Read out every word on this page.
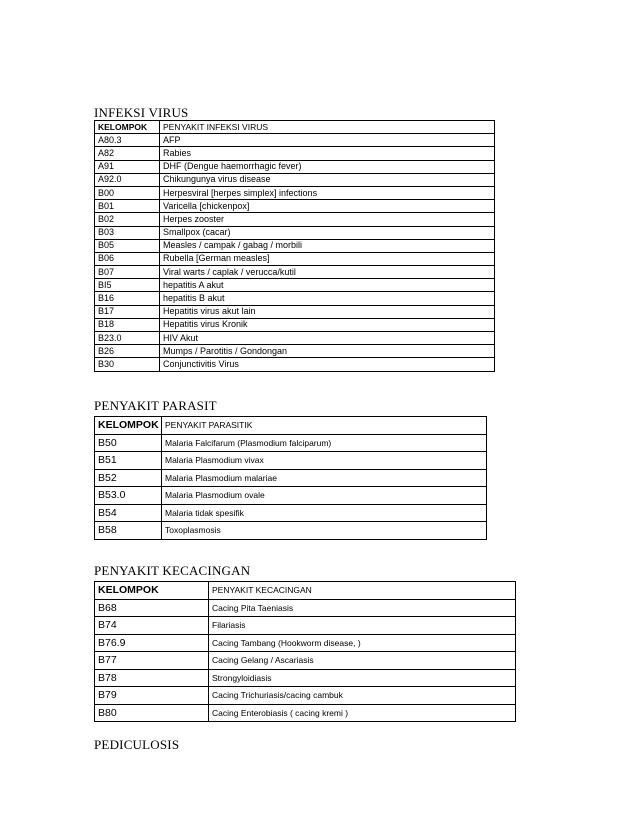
INFEKSI VIRUS
KELOMPOK	PENYAKIT INFEKSI VIRUS
A80.3	AFP
A82	Rabies
A91	DHF (Dengue haemorrhagic fever)
A92.0	Chikungunya virus disease
B00	Herpesviral [herpes simplex] infections
B01	Varicella [chickenpox]
B02	Herpes zooster
B03	Smallpox (cacar)
B05	Measles / campak / gabag / morbili
B06	Rubella [German measles]
B07	Viral warts / caplak / verucca/kutil
BI5	hepatitis A akut
B16	hepatitis B akut
B17	Hepatitis virus akut lain
B18	Hepatitis virus Kronik
B23.0	HIV Akut
B26	Mumps / Parotitis / Gondongan
B30	Conjunctivitis Virus
PENYAKIT PARASIT
KELOMPOK	PENYAKIT PARASITIK
B50	Malaria Falcifarum (Plasmodium falciparum)
B51	Malaria Plasmodium vivax
B52	Malaria Plasmodium malariae
B53.0	Malaria Plasmodium ovale
B54	Malaria tidak spesifik
B58	Toxoplasmosis
PENYAKIT KECACINGAN
KELOMPOK	PENYAKIT KECACINGAN
B68	Cacing Pita Taeniasis
B74	Filariasis
B76.9	Cacing Tambang (Hookworm disease, )
B77	Cacing Gelang / Ascariasis
B78	Strongyloidiasis
B79	Cacing Trichuriasis/cacing cambuk
B80	Cacing Enterobiasis ( cacing kremi )
PEDICULOSIS
